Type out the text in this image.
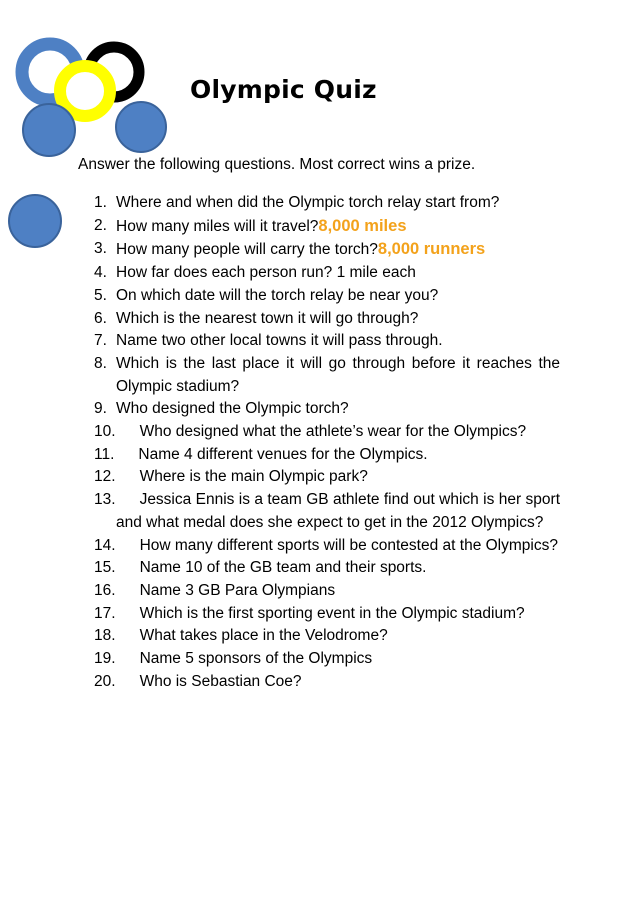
Olympic Quiz

Answer the following questions. Most correct wins a prize.

1. Where and when did the Olympic torch relay start from?
2. How many miles will it travel?8,000 miles
3. How many people will carry the torch?8,000 runners
4. How far does each person run? 1 mile each
5. On which date will the torch relay be near you?
6. Which is the nearest town it will go through?
7. Name two other local towns it will pass through.
8. Which is the last place it will go through before it reaches the Olympic stadium?
9. Who designed the Olympic torch?
10. Who designed what the athlete’s wear for the Olympics?
11. Name 4 different venues for the Olympics.
12. Where is the main Olympic park?
13. Jessica Ennis is a team GB athlete find out which is her sport and what medal does she expect to get in the 2012 Olympics?
14. How many different sports will be contested at the Olympics?
15. Name 10 of the GB team and their sports.
16. Name 3 GB Para Olympians
17. Which is the first sporting event in the Olympic stadium?
18. What takes place in the Velodrome?
19. Name 5 sponsors of the Olympics
20. Who is Sebastian Coe?
